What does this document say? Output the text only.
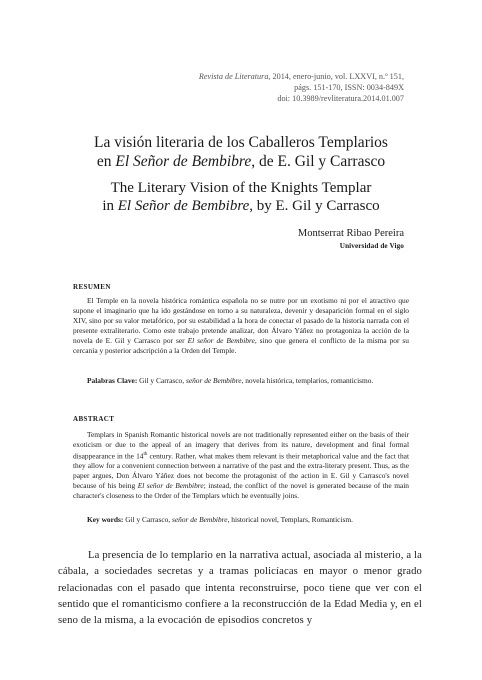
Revista de Literatura, 2014, enero-junio, vol. LXXVI, n.º 151,
págs. 151-170, ISSN: 0034-849X
doi: 10.3989/revliteratura.2014.01.007
La visión literaria de los Caballeros Templarios
en El Señor de Bembibre, de E. Gil y Carrasco
The Literary Vision of the Knights Templar
in El Señor de Bembibre, by E. Gil y Carrasco
Montserrat Ribao Pereira
Universidad de Vigo
RESUMEN

El Temple en la novela histórica romántica española no se nutre por un exotismo ni por el atractivo que supone el imaginario que ha ido gestándose en torno a su naturaleza, devenir y desaparición formal en el siglo XIV, sino por su valor metafórico, por su estabilidad a la hora de conectar el pasado de la historia narrada con el presente extraliterario. Como este trabajo pretende analizar, don Álvaro Yáñez no protagoniza la acción de la novela de E. Gil y Carrasco por ser El señor de Bembibre, sino que genera el conflicto de la misma por su cercanía y posterior adscripción a la Orden del Temple.

Palabras Clave: Gil y Carrasco, señor de Bembibre, novela histórica, templarios, romanticismo.
ABSTRACT

Templars in Spanish Romantic historical novels are not traditionally represented either on the basis of their exoticism or due to the appeal of an imagery that derives from its nature, development and final formal disappearance in the 14th century. Rather, what makes them relevant is their metaphorical value and the fact that they allow for a convenient connection between a narrative of the past and the extra-literary present. Thus, as the paper argues, Don Álvaro Yáñez does not become the protagonist of the action in E. Gil y Carrasco's novel because of his being El señor de Bembibre; instead, the conflict of the novel is generated because of the main character's closeness to the Order of the Templars which he eventually joins.

Key words: Gil y Carrasco, señor de Bembibre, historical novel, Templars, Romanticism.

La presencia de lo templario en la narrativa actual, asociada al misterio, a la cábala, a sociedades secretas y a tramas policíacas en mayor o menor grado relacionadas con el pasado que intenta reconstruirse, poco tiene que ver con el sentido que el romanticismo confiere a la reconstrucción de la Edad Media y, en el seno de la misma, a la evocación de episodios concretos y
